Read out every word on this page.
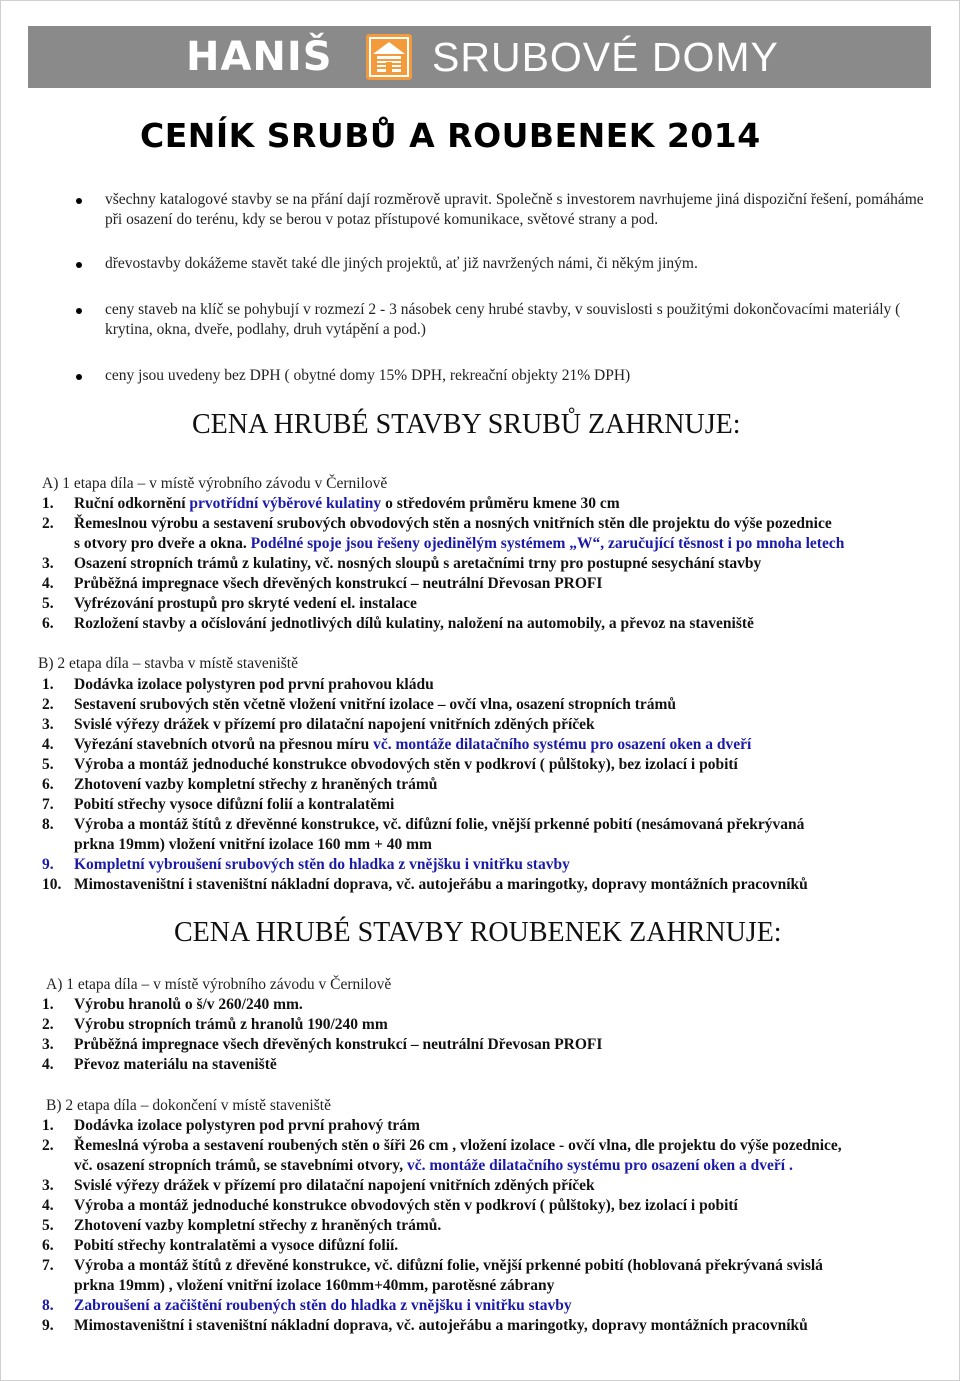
HANIŠ SRUBOVÉ DOMY
CENÍK SRUBŮ A ROUBENEK 2014
všechny katalogové stavby se na přání dají rozměrově upravit. Společně s investorem navrhujeme jiná dispoziční řešení, pomáháme při osazení do terénu, kdy se berou v potaz přístupové komunikace, světové strany a pod.
dřevostavby dokážeme stavět také dle jiných projektů, ať již navržených námi, či někým jiným.
ceny staveb na klíč se pohybují v rozmezí 2 - 3 násobek ceny hrubé stavby, v souvislosti s použitými dokončovacími materiály ( krytina, okna, dveře, podlahy, druh vytápění a pod.)
ceny jsou uvedeny bez DPH ( obytné domy 15% DPH, rekreační objekty 21% DPH)
CENA HRUBÉ STAVBY SRUBŮ ZAHRNUJE:
A) 1 etapa díla – v místě výrobního závodu v Černilově
1. Ruční odkornění prvotřídní výběrové kulatiny o středovém průměru kmene 30 cm
2. Řemeslnou výrobu a sestavení srubových obvodových stěn a nosných vnitřních stěn dle projektu do výše pozednice
s otvory pro dveře a okna. Podélné spoje jsou řešeny ojedinělým systémem „W“, zaručující těsnost i po mnoha letech
3. Osazení stropních trámů z kulatiny, vč. nosných sloupů s aretačními trny pro postupné sesychání stavby
4. Průběžná impregnace všech dřevěných konstrukcí – neutrální Dřevosan PROFI
5. Vyfrézování prostupů pro skryté vedení el. instalace
6. Rozložení stavby a očíslování jednotlivých dílů kulatiny, naložení na automobily, a převoz na staveniště
B) 2 etapa díla – stavba v místě staveniště
1. Dodávka izolace polystyren pod první prahovou kládu
2. Sestavení srubových stěn včetně vložení vnitřní izolace – ovčí vlna, osazení stropních trámů
3. Svislé výřezy drážek v přízemí pro dilatační napojení vnitřních zděných příček
4. Vyřezání stavebních otvorů na přesnou míru vč. montáže dilatačního systému pro osazení oken a dveří
5. Výroba a montáž jednoduché konstrukce obvodových stěn v podkroví ( půlštoky), bez izolací i pobití
6. Zhotovení vazby kompletní střechy z hraněných trámů
7. Pobití střechy vysoce difůzní folií a kontralatěmi
8. Výroba a montáž štítů z dřevěnné konstrukce, vč. difůzní folie, vnější prkenné pobití (nesámovaná překrývaná
prkna 19mm) vložení vnitřní izolace 160 mm + 40 mm
9. Kompletní vybroušení srubových stěn do hladka z vnějšku i vnitřku stavby
10. Mimostaveništní i staveništní nákladní doprava, vč. autojeřábu a maringotky, dopravy montážních pracovníků
CENA HRUBÉ STAVBY ROUBENEK ZAHRNUJE:
A) 1 etapa díla – v místě výrobního závodu v Černilově
1. Výrobu hranolů o š/v 260/240 mm.
2. Výrobu stropních trámů z hranolů 190/240 mm
3. Průběžná impregnace všech dřevěných konstrukcí – neutrální Dřevosan PROFI
4. Převoz materiálu na staveniště
B) 2 etapa díla – dokončení v místě staveniště
1. Dodávka izolace polystyren pod první prahový trám
2. Řemeslná výroba a sestavení roubených stěn o šíři 26 cm , vložení izolace - ovčí vlna, dle projektu do výše pozednice,
vč. osazení stropních trámů, se stavebními otvory, vč. montáže dilatačního systému pro osazení oken a dveří .
3. Svislé výřezy drážek v přízemí pro dilatační napojení vnitřních zděných příček
4. Výroba a montáž jednoduché konstrukce obvodových stěn v podkroví ( půlštoky), bez izolací i pobití
5. Zhotovení vazby kompletní střechy z hraněných trámů.
6. Pobití střechy kontralatěmi a vysoce difůzní folií.
7. Výroba a montáž štítů z dřevěné konstrukce, vč. difůzní folie, vnější prkenné pobití (hoblovaná překrývaná svislá
prkna 19mm) , vložení vnitřní izolace 160mm+40mm, parotěsné zábrany
8. Zabroušení a začištění roubených stěn do hladka z vnějšku i vnitřku stavby
9. Mimostaveništní i staveništní nákladní doprava, vč. autojeřábu a maringotky, dopravy montážních pracovníků
